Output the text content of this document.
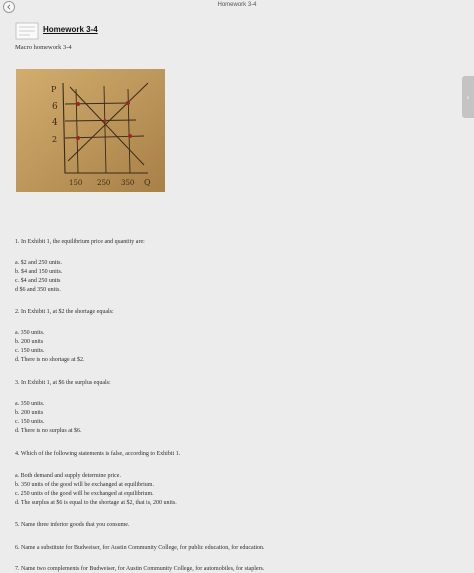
Homework 3-4
‹
Homework 3-4
Macro homework 3-4
P
6
4
2
150 250 350 Q

1. In Exhibit 1, the equilibrium price and quantity are:

a. $2 and 250 units.

b. $4 and 150 units.

c. $4 and 250 units

d $6 and 350 units.

2. In Exhibit 1, at $2 the shortage equals:

a. 350 units.

b. 200 units

c. 150 units.

d. There is no shortage at $2.

3. In Exhibit 1, at $6 the surplus equals:

a. 350 units.

b. 200 units

c. 150 units.

d. There is no surplus at $6.

4. Which of the following statements is false, according to Exhibit 1.

a. Both demand and supply determine price.

b. 350 units of the good will be exchanged at equilibrium.

c. 250 units of the good will be exchanged at equilibrium.

d. The surplus at $6 is equal to the shortage at $2, that is, 200 units.

5. Name three inferior goods that you consume.

6. Name a substitute for Budweiser, for Austin Community College, for public education, for education.

7. Name two complements for Budweiser, for Austin Community College, for automobiles, for staplers.
